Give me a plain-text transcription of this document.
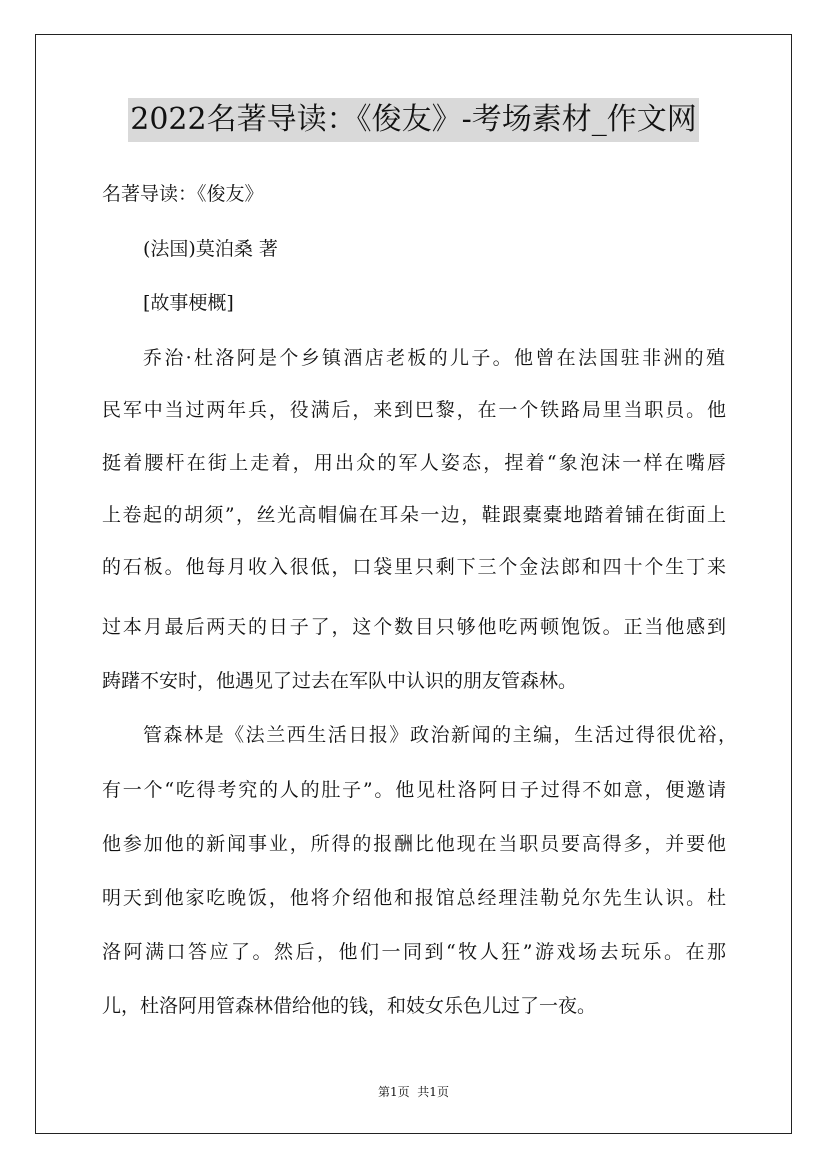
2022名著导读：《俊友》-考场素材_作文网
名著导读：《俊友》
(法国)莫泊桑 著
[故事梗概]
乔治·杜洛阿是个乡镇酒店老板的儿子。他曾在法国驻非洲的殖
民军中当过两年兵，役满后，来到巴黎，在一个铁路局里当职员。他
挺着腰杆在街上走着，用出众的军人姿态，捏着“象泡沫一样在嘴唇
上卷起的胡须”，丝光高帽偏在耳朵一边，鞋跟橐橐地踏着铺在街面上
的石板。他每月收入很低，口袋里只剩下三个金法郎和四十个生丁来
过本月最后两天的日子了，这个数目只够他吃两顿饱饭。正当他感到
踌躇不安时，他遇见了过去在军队中认识的朋友管森林。
管森林是《法兰西生活日报》政治新闻的主编，生活过得很优裕，
有一个“吃得考究的人的肚子”。他见杜洛阿日子过得不如意，便邀请
他参加他的新闻事业，所得的报酬比他现在当职员要高得多，并要他
明天到他家吃晚饭，他将介绍他和报馆总经理洼勒兑尔先生认识。杜
洛阿满口答应了。然后，他们一同到“牧人狂”游戏场去玩乐。在那
儿，杜洛阿用管森林借给他的钱，和妓女乐色儿过了一夜。
第1页  共1页
